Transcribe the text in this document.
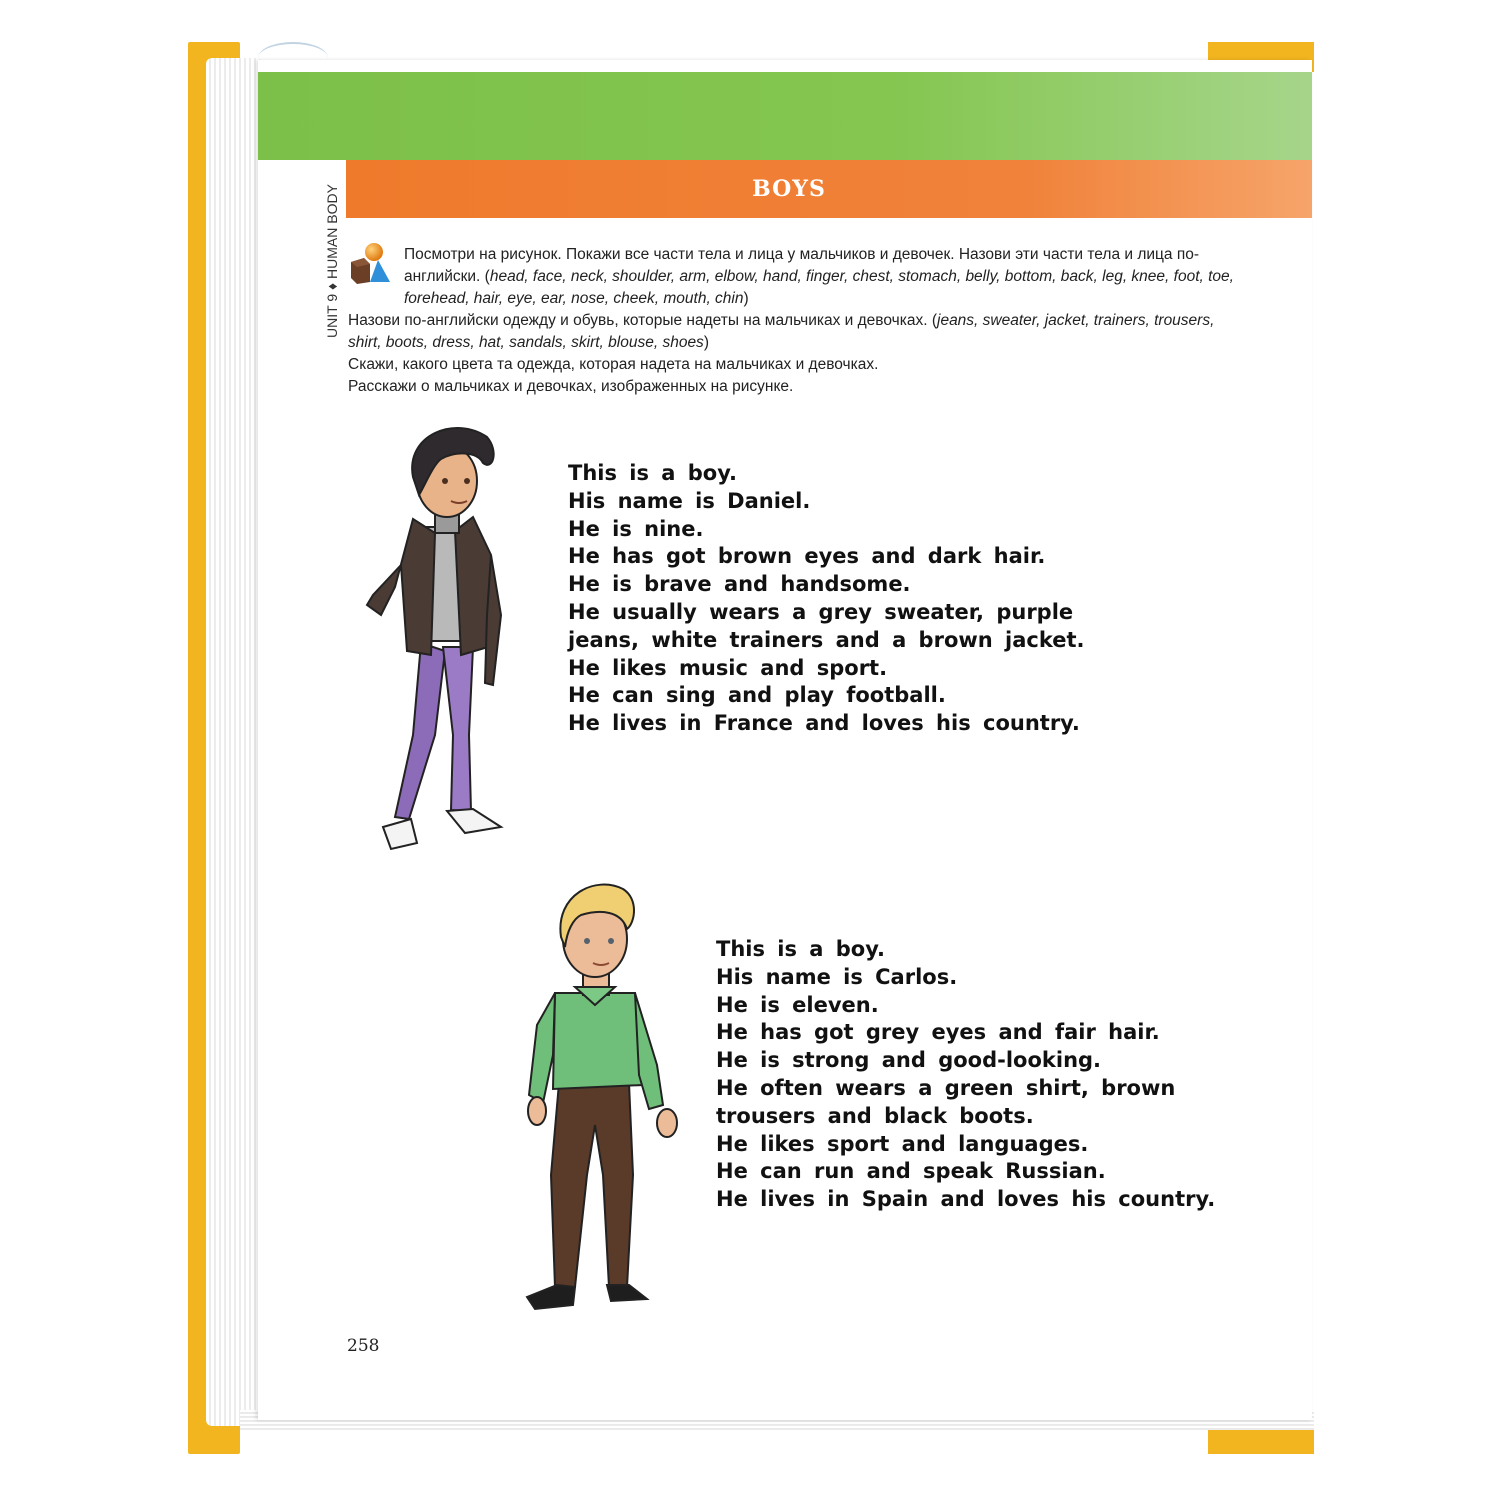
BOYS
UNIT 9 ♦ HUMAN BODY	Посмотри на рисунок. Покажи все части тела и лица у мальчиков и девочек. Назови эти части тела и лица по-английски. (head, face, neck, shoulder, arm, elbow, hand, finger, chest, stomach, belly, bottom, back, leg, knee, foot, toe, forehead, hair, eye, ear, nose, cheek, mouth, chin)

Назови по-английски одежду и обувь, которые надеты на мальчиках и девочках. (jeans, sweater, jacket, trainers, trousers, shirt, boots, dress, hat, sandals, skirt, blouse, shoes)

Скажи, какого цвета та одежда, которая надета на мальчиках и девочках.

Расскажи о мальчиках и девочках, изображенных на рисунке.

This is a boy.

His name is Daniel.

He is nine.

He has got brown eyes and dark hair.

He is brave and handsome.

He usually wears a grey sweater, purple

jeans, white trainers and a brown jacket.

He likes music and sport.

He can sing and play football.

He lives in France and loves his country.

This is a boy.

His name is Carlos.

He is eleven.

He has got grey eyes and fair hair.

He is strong and good-looking.

He often wears a green shirt, brown

trousers and black boots.

He likes sport and languages.

He can run and speak Russian.

He lives in Spain and loves his country.

258
